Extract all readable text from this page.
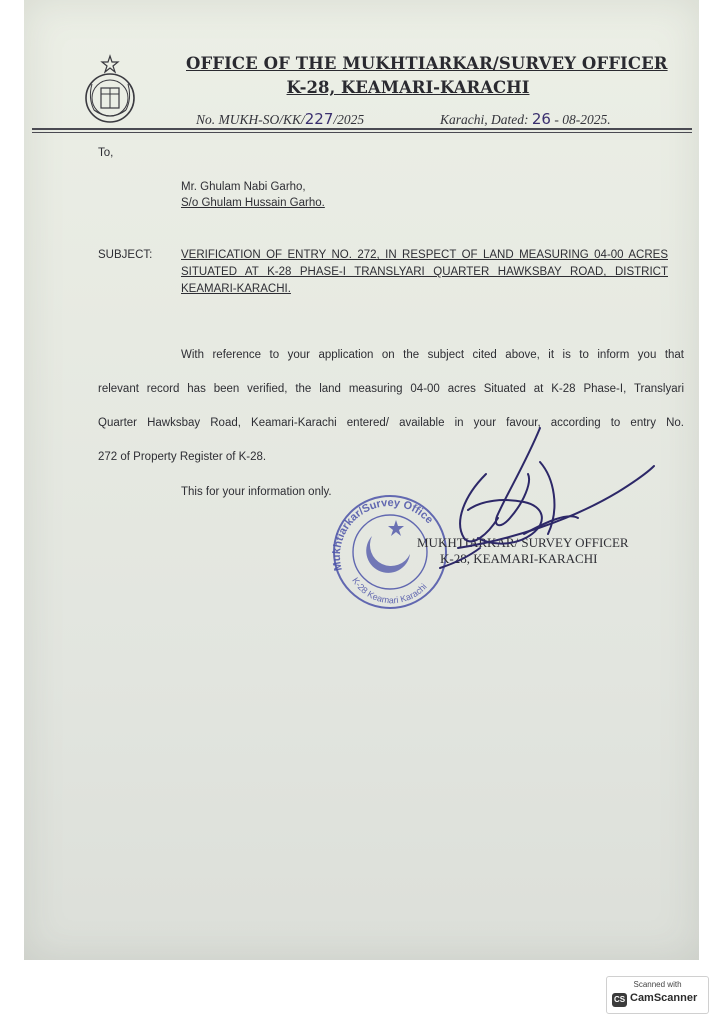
OFFICE OF THE MUKHTIARKAR/SURVEY OFFICER
K-28, KEAMARI-KARACHI
No. MUKH-SO/KK/227/2025	Karachi, Dated: 26 - 08-2025.
To,
Mr. Ghulam Nabi Garho,
S/o Ghulam Hussain Garho.
SUBJECT: VERIFICATION OF ENTRY NO. 272, IN RESPECT OF LAND MEASURING 04-00 ACRES
SITUATED AT K-28 PHASE-I TRANSLYARI QUARTER HAWKSBAY ROAD, DISTRICT
KEAMARI-KARACHI.
With reference to your application on the subject cited above, it is to inform you that
relevant record has been verified, the land measuring 04-00 acres Situated at K-28 Phase-I, Translyari
Quarter Hawksbay Road, Keamari-Karachi entered/ available in your favour, according to entry No.
272 of Property Register of K-28.
This for your information only.
Mukhtiarkar/Survey Office
K-28 Keamari Karachi
MUKHTIARKAR/ SURVEY OFFICER
K-28, KEAMARI-KARACHI
Scanned with
CS CamScanner
